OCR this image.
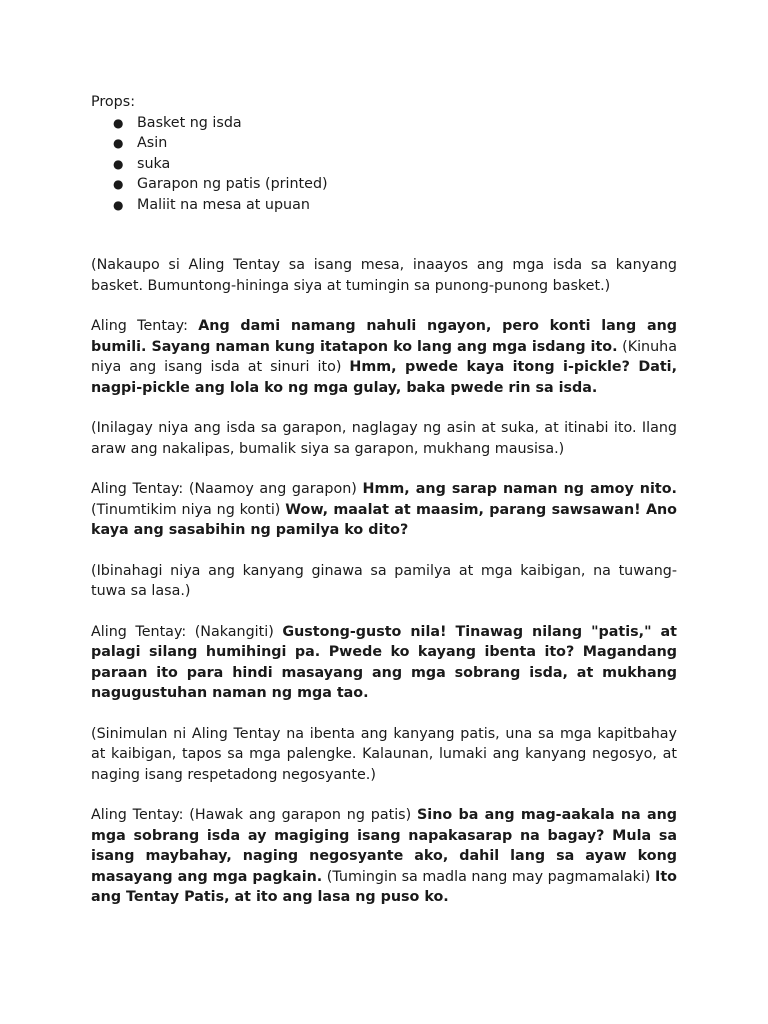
Props:
● Basket ng isda
● Asin
● suka
● Garapon ng patis (printed)
● Maliit na mesa at upuan

(Nakaupo si Aling Tentay sa isang mesa, inaayos ang mga isda sa kanyang basket. Bumuntong-hininga siya at tumingin sa punong-punong basket.)

Aling Tentay: Ang dami namang nahuli ngayon, pero konti lang ang bumili. Sayang naman kung itatapon ko lang ang mga isdang ito. (Kinuha niya ang isang isda at sinuri ito) Hmm, pwede kaya itong i-pickle? Dati, nagpi-pickle ang lola ko ng mga gulay, baka pwede rin sa isda.

(Inilagay niya ang isda sa garapon, naglagay ng asin at suka, at itinabi ito. Ilang araw ang nakalipas, bumalik siya sa garapon, mukhang mausisa.)

Aling Tentay: (Naamoy ang garapon) Hmm, ang sarap naman ng amoy nito. (Tinumtikim niya ng konti) Wow, maalat at maasim, parang sawsawan! Ano kaya ang sasabihin ng pamilya ko dito?

(Ibinahagi niya ang kanyang ginawa sa pamilya at mga kaibigan, na tuwang-tuwa sa lasa.)

Aling Tentay: (Nakangiti) Gustong-gusto nila! Tinawag nilang "patis," at palagi silang humihingi pa. Pwede ko kayang ibenta ito? Magandang paraan ito para hindi masayang ang mga sobrang isda, at mukhang nagugustuhan naman ng mga tao.

(Sinimulan ni Aling Tentay na ibenta ang kanyang patis, una sa mga kapitbahay at kaibigan, tapos sa mga palengke. Kalaunan, lumaki ang kanyang negosyo, at naging isang respetadong negosyante.)

Aling Tentay: (Hawak ang garapon ng patis) Sino ba ang mag-aakala na ang mga sobrang isda ay magiging isang napakasarap na bagay? Mula sa isang maybahay, naging negosyante ako, dahil lang sa ayaw kong masayang ang mga pagkain. (Tumingin sa madla nang may pagmamalaki) Ito ang Tentay Patis, at ito ang lasa ng puso ko.
